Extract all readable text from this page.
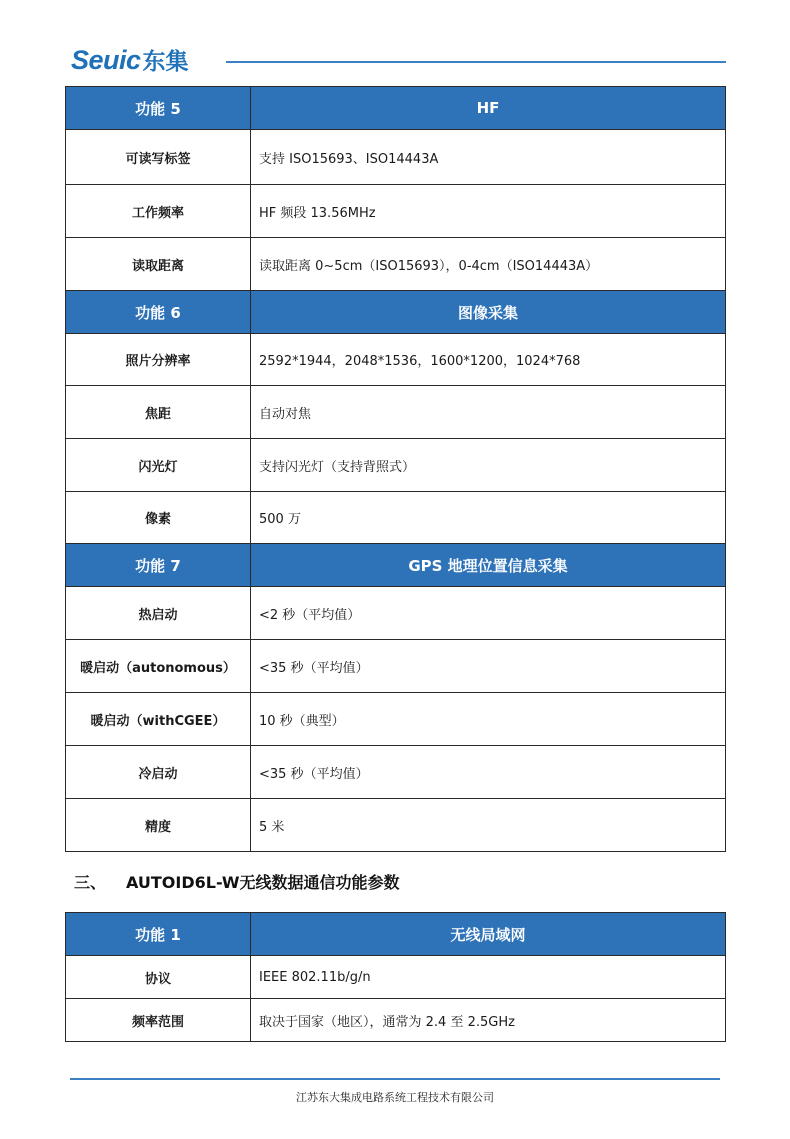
Seuic 东集
功能 5	HF
可读写标签	支持 ISO15693、ISO14443A
工作频率	HF 频段 13.56MHz
读取距离	读取距离 0~5cm（ISO15693），0-4cm（ISO14443A）
功能 6	图像采集
照片分辨率	2592*1944，2048*1536，1600*1200，1024*768
焦距	自动对焦
闪光灯	支持闪光灯（支持背照式）
像素	500 万
功能 7	GPS 地理位置信息采集
热启动	<2 秒（平均值）
暖启动（autonomous）	<35 秒（平均值）
暖启动（withCGEE）	10 秒（典型）
冷启动	<35 秒（平均值）
精度	5 米
三、 AUTOID6L-W无线数据通信功能参数
功能 1	无线局域网
协议	IEEE 802.11b/g/n
频率范围	取决于国家（地区），通常为 2.4 至 2.5GHz
江苏东大集成电路系统工程技术有限公司
